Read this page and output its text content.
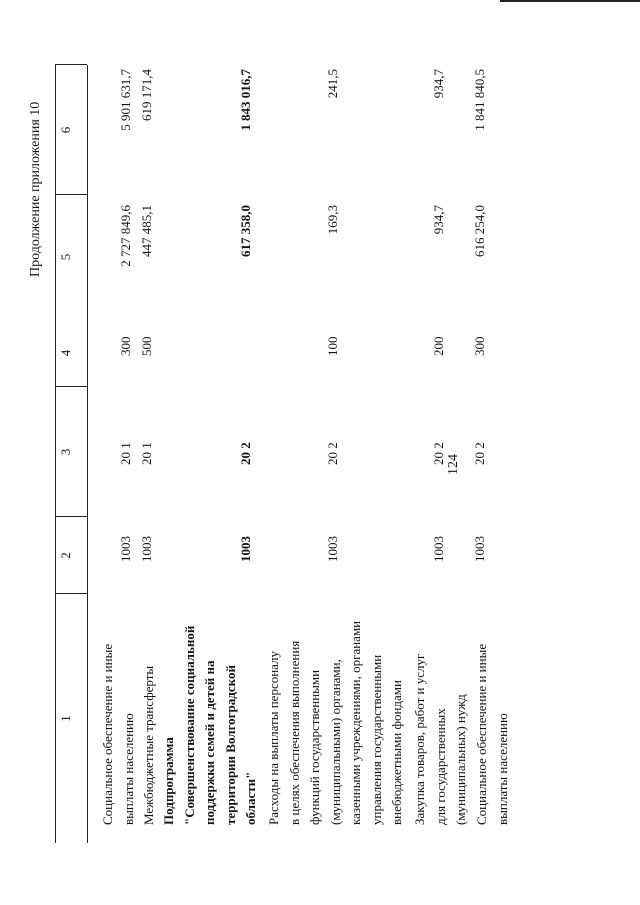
124
Продолжение приложения 10
1
2
3
4
5
6
Социальное обеспечение и иные выплаты населению
1003
20 1
300
2 727 849,6
5 901 631,7
Межбюджетные трансферты
1003
20 1
500
447 485,1
619 171,4
Подпрограмма "Совершенствование социальной поддержки семей и детей на территории Волгоградской области"
1003
20 2
617 358,0
1 843 016,7
Расходы на выплаты персоналу в целях обеспечения выполнения функций государственными (муниципальными) органами, казенными учреждениями, органами управления государственными внебюджетными фондами
1003
20 2
100
169,3
241,5
Закупка товаров, работ и услуг для государственных (муниципальных) нужд
1003
20 2
200
934,7
934,7
Социальное обеспечение и иные выплаты населению
1003
20 2
300
616 254,0
1 841 840,5
